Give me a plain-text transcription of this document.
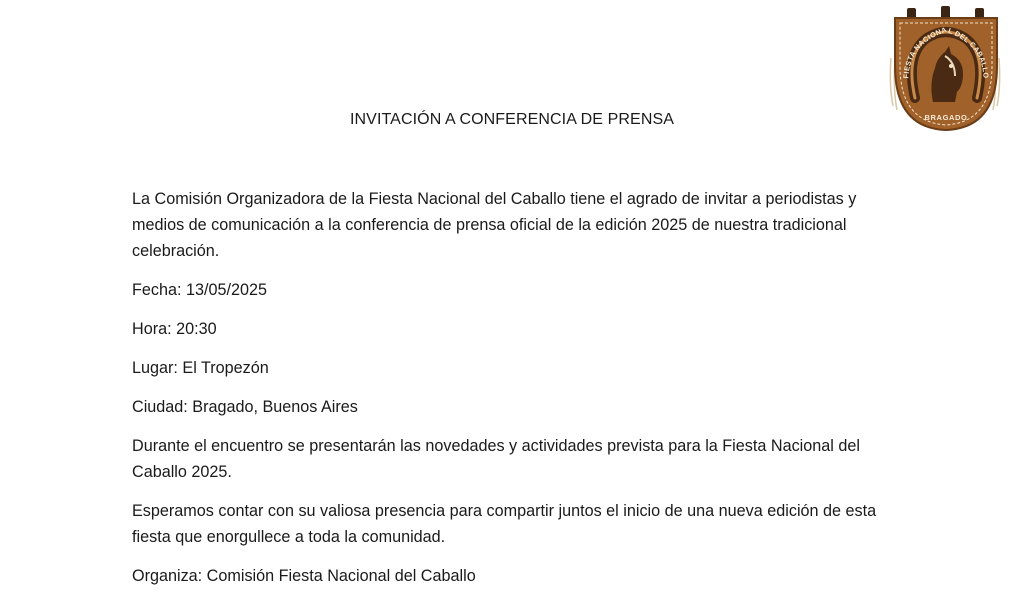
FIESTA NACIONAL DEL CABALLO
BRAGADO
INVITACIÓN A CONFERENCIA DE PRENSA

La Comisión Organizadora de la Fiesta Nacional del Caballo tiene el agrado de invitar a periodistas y medios de comunicación a la conferencia de prensa oficial de la edición 2025 de nuestra tradicional celebración.

Fecha: 13/05/2025

Hora: 20:30

Lugar: El Tropezón

Ciudad: Bragado, Buenos Aires

Durante el encuentro se presentarán las novedades y actividades prevista para la Fiesta Nacional del Caballo 2025.

Esperamos contar con su valiosa presencia para compartir juntos el inicio de una nueva edición de esta fiesta que enorgullece a toda la comunidad.

Organiza: Comisión Fiesta Nacional del Caballo
